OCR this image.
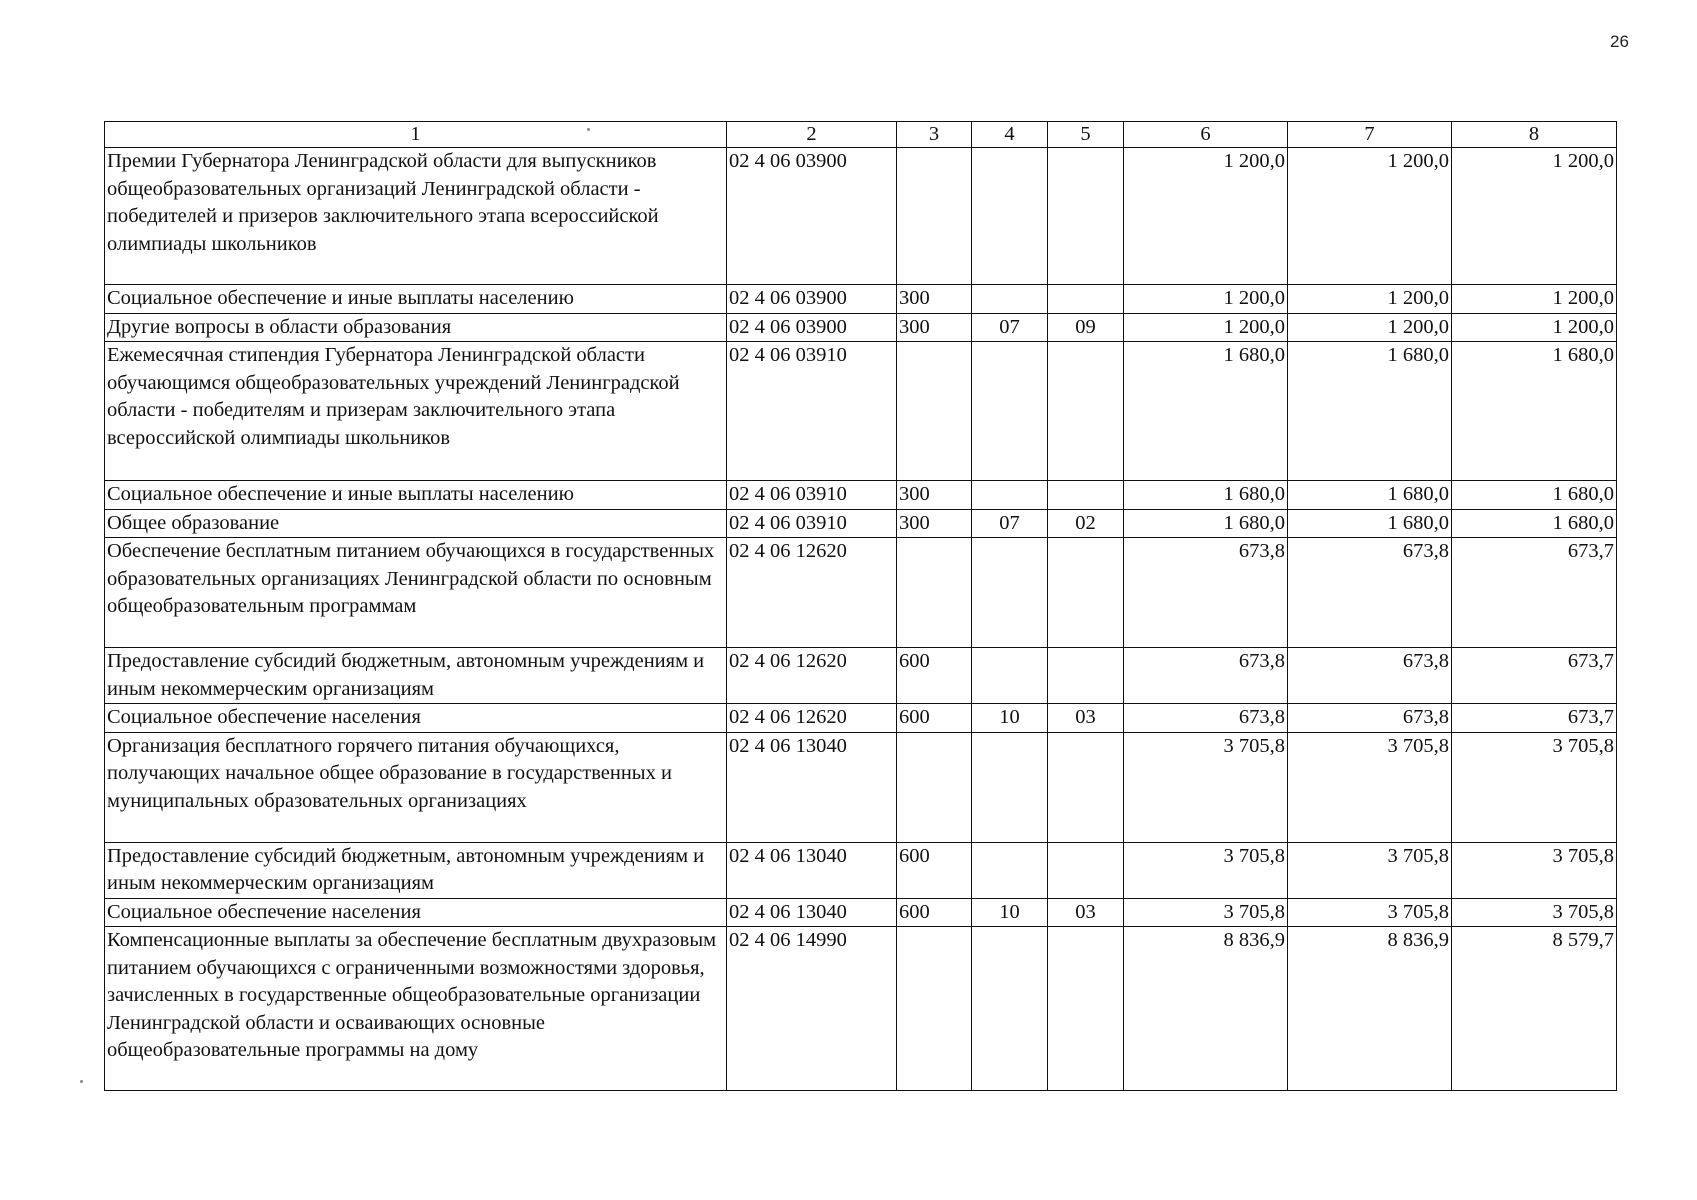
26
1	2	3	4	5	6	7	8
Премии Губернатора Ленинградской области для выпускников общеобразовательных организаций Ленинградской области - победителей и призеров заключительного этапа всероссийской олимпиады школьников	02 4 06 03900				1 200,0	1 200,0	1 200,0
Социальное обеспечение и иные выплаты населению	02 4 06 03900	300			1 200,0	1 200,0	1 200,0
Другие вопросы в области образования	02 4 06 03900	300	07	09	1 200,0	1 200,0	1 200,0
Ежемесячная стипендия Губернатора Ленинградской области обучающимся общеобразовательных учреждений Ленинградской области - победителям и призерам заключительного этапа всероссийской олимпиады школьников	02 4 06 03910				1 680,0	1 680,0	1 680,0
Социальное обеспечение и иные выплаты населению	02 4 06 03910	300			1 680,0	1 680,0	1 680,0
Общее образование	02 4 06 03910	300	07	02	1 680,0	1 680,0	1 680,0
Обеспечение бесплатным питанием обучающихся в государственных образовательных организациях Ленинградской области по основным общеобразовательным программам	02 4 06 12620				673,8	673,8	673,7
Предоставление субсидий бюджетным, автономным учреждениям и иным некоммерческим организациям	02 4 06 12620	600			673,8	673,8	673,7
Социальное обеспечение населения	02 4 06 12620	600	10	03	673,8	673,8	673,7
Организация бесплатного горячего питания обучающихся, получающих начальное общее образование в государственных и муниципальных образовательных организациях	02 4 06 13040				3 705,8	3 705,8	3 705,8
Предоставление субсидий бюджетным, автономным учреждениям и иным некоммерческим организациям	02 4 06 13040	600			3 705,8	3 705,8	3 705,8
Социальное обеспечение населения	02 4 06 13040	600	10	03	3 705,8	3 705,8	3 705,8
Компенсационные выплаты за обеспечение бесплатным двухразовым питанием обучающихся с ограниченными возможностями здоровья, зачисленных в государственные общеобразовательные организации Ленинградской области и осваивающих основные общеобразовательные программы на дому	02 4 06 14990				8 836,9	8 836,9	8 579,7
